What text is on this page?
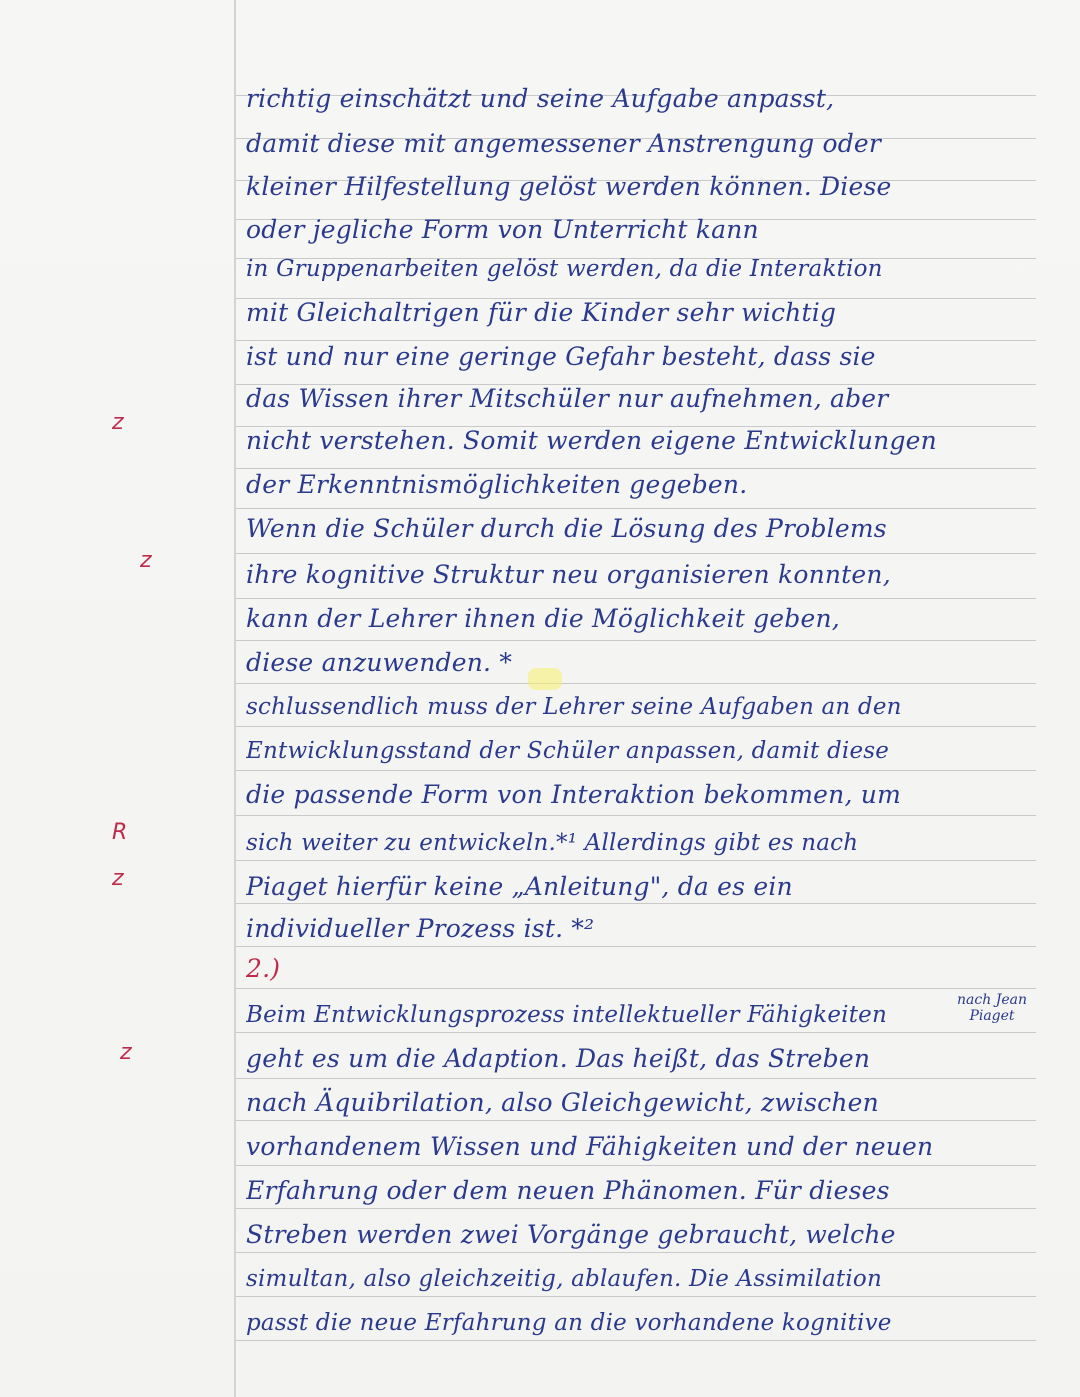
richtig einschätzt und seine Aufgabe anpasst,
damit diese mit angemessener Anstrengung oder
kleiner Hilfestellung gelöst werden können. Diese
oder jegliche Form von Unterricht kann
in Gruppenarbeiten gelöst werden, da die Interaktion
mit Gleichaltrigen für die Kinder sehr wichtig
ist und nur eine geringe Gefahr besteht, dass sie
das Wissen ihrer Mitschüler nur aufnehmen, aber
nicht verstehen. Somit werden eigene Entwicklungen
der Erkenntnismöglichkeiten gegeben.
Wenn die Schüler durch die Lösung des Problems
ihre kognitive Struktur neu organisieren konnten,
kann der Lehrer ihnen die Möglichkeit geben,
diese anzuwenden. *
schlussendlich muss der Lehrer seine Aufgaben an den
Entwicklungsstand der Schüler anpassen, damit diese
die passende Form von Interaktion bekommen, um
sich weiter zu entwickeln.*¹ Allerdings gibt es nach
Piaget hierfür keine „Anleitung", da es ein
individueller Prozess ist. *²
2.)
Beim Entwicklungsprozess intellektueller Fähigkeiten
geht es um die Adaption. Das heißt, das Streben
nach Äquibrilation, also Gleichgewicht, zwischen
vorhandenem Wissen und Fähigkeiten und der neuen
Erfahrung oder dem neuen Phänomen. Für dieses
Streben werden zwei Vorgänge gebraucht, welche
simultan, also gleichzeitig, ablaufen. Die Assimilation
passt die neue Erfahrung an die vorhandene kognitive
nach Jean Piaget
z
z
R
z
z
